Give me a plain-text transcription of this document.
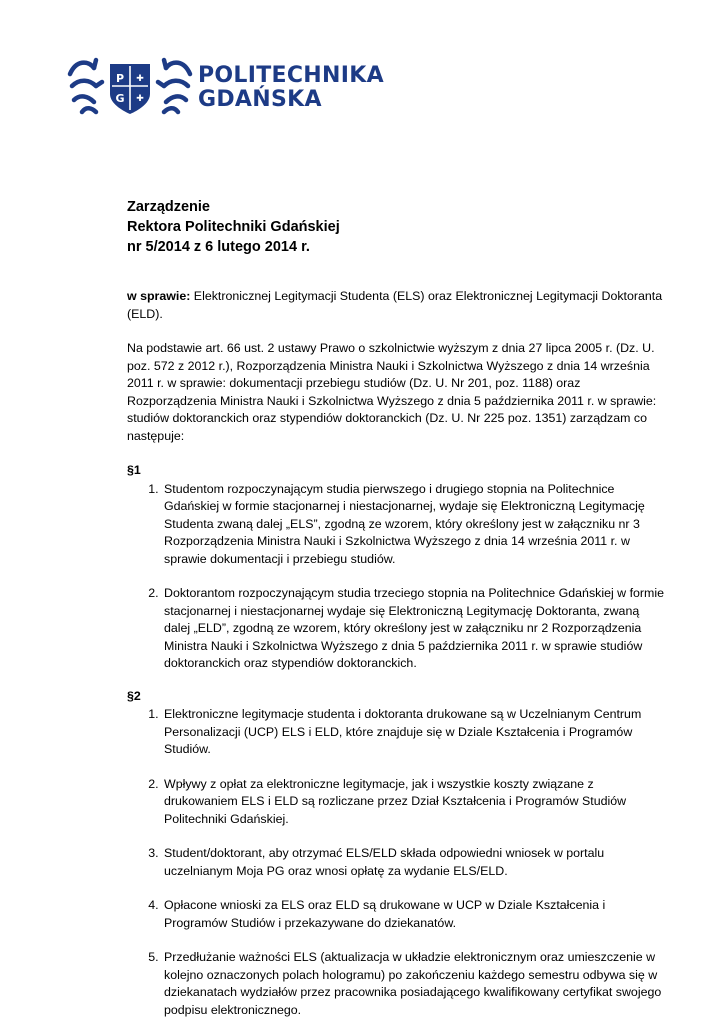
P
G
✚
✚
POLITECHNIKA
GDAŃSKA
Zarządzenie
Rektora Politechniki Gdańskiej
nr 5/2014 z 6 lutego 2014 r.

w sprawie: Elektronicznej Legitymacji Studenta (ELS) oraz Elektronicznej Legitymacji Doktoranta (ELD).

Na podstawie art. 66 ust. 2 ustawy Prawo o szkolnictwie wyższym z dnia 27 lipca 2005 r. (Dz. U. poz. 572 z 2012 r.), Rozporządzenia Ministra Nauki i Szkolnictwa Wyższego z dnia 14 września 2011 r. w sprawie: dokumentacji przebiegu studiów (Dz. U. Nr 201, poz. 1188) oraz Rozporządzenia Ministra Nauki i Szkolnictwa Wyższego z dnia 5 października 2011 r. w sprawie: studiów doktoranckich oraz stypendiów doktoranckich (Dz. U. Nr 225 poz. 1351) zarządzam co następuje:

§1
1. Studentom rozpoczynającym studia pierwszego i drugiego stopnia na Politechnice Gdańskiej w formie stacjonarnej i niestacjonarnej, wydaje się Elektroniczną Legitymację Studenta zwaną dalej „ELS”, zgodną ze wzorem, który określony jest w załączniku nr 3 Rozporządzenia Ministra Nauki i Szkolnictwa Wyższego z dnia 14 września 2011 r. w sprawie dokumentacji i przebiegu studiów.
2. Doktorantom rozpoczynającym studia trzeciego stopnia na Politechnice Gdańskiej w formie stacjonarnej i niestacjonarnej wydaje się Elektroniczną Legitymację Doktoranta, zwaną dalej „ELD”, zgodną ze wzorem, który określony jest w załączniku nr 2 Rozporządzenia Ministra Nauki i Szkolnictwa Wyższego z dnia 5 października 2011 r. w sprawie studiów doktoranckich oraz stypendiów doktoranckich.
§2
1. Elektroniczne legitymacje studenta i doktoranta drukowane są w Uczelnianym Centrum Personalizacji (UCP) ELS i ELD, które znajduje się w Dziale Kształcenia i Programów Studiów.
2. Wpływy z opłat za elektroniczne legitymacje, jak i wszystkie koszty związane z drukowaniem ELS i ELD są rozliczane przez Dział Kształcenia i Programów Studiów Politechniki Gdańskiej.
3. Student/doktorant, aby otrzymać ELS/ELD składa odpowiedni wniosek w portalu uczelnianym Moja PG oraz wnosi opłatę za wydanie ELS/ELD.
4. Opłacone wnioski za ELS oraz ELD są drukowane w UCP w Dziale Kształcenia i Programów Studiów i przekazywane do dziekanatów.
5. Przedłużanie ważności ELS (aktualizacja w układzie elektronicznym oraz umieszczenie w kolejno oznaczonych polach hologramu) po zakończeniu każdego semestru odbywa się w dziekanatach wydziałów przez pracownika posiadającego kwalifikowany certyfikat swojego podpisu elektronicznego.
